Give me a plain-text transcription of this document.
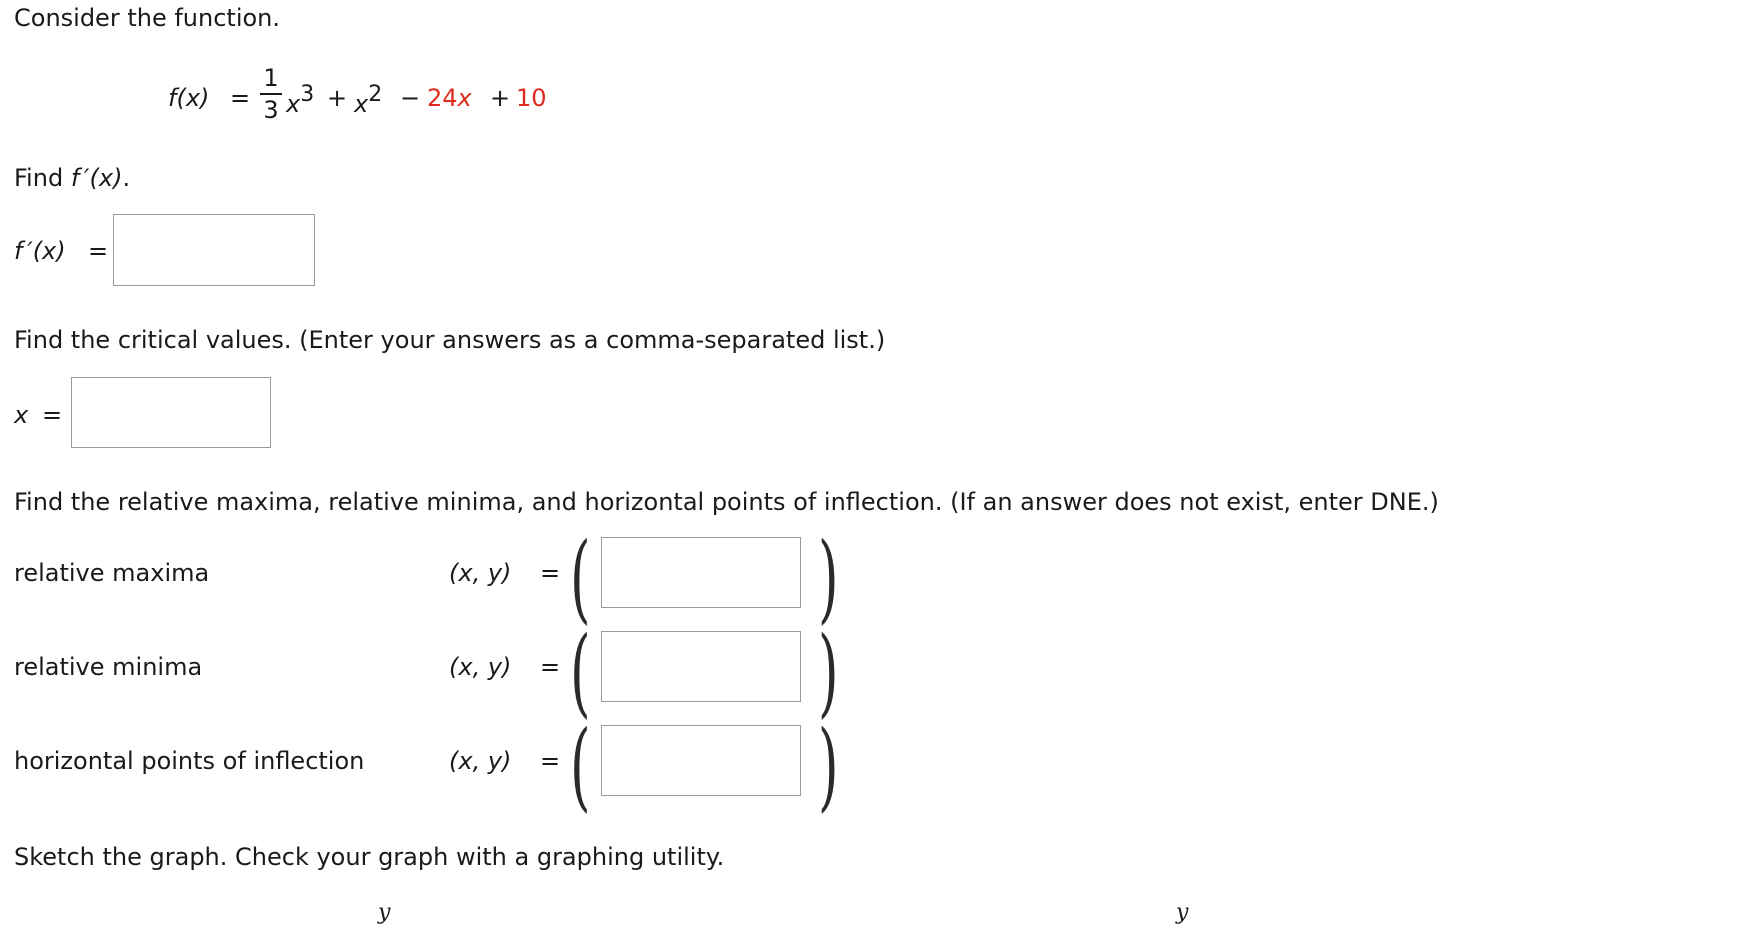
Consider the function.
f(x) =
1
3 $x^3 + x^2 - 24x + 10$
Find f ′(x).
f ′(x) =
Find the critical values. (Enter your answers as a comma-separated list.)
x =
Find the relative maxima, relative minima, and horizontal points of inflection. (If an answer does not exist, enter DNE.)
relative maxima	(x, y) = ( )
relative minima	(x, y) = ( )
horizontal points of inflection	(x, y) = ( )
Sketch the graph. Check your graph with a graphing utility.
y	y
